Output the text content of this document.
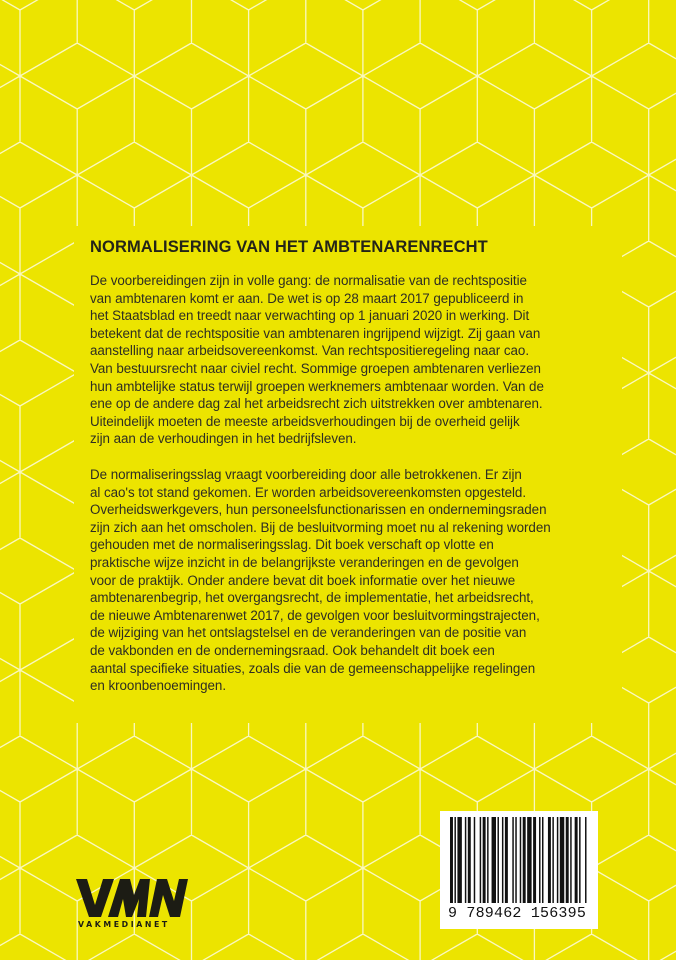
NORMALISERING VAN HET AMBTENARENRECHT

De voorbereidingen zijn in volle gang: de normalisatie van de rechtspositie
van ambtenaren komt er aan. De wet is op 28 maart 2017 gepubliceerd in
het Staatsblad en treedt naar verwachting op 1 januari 2020 in werking. Dit
betekent dat de rechtspositie van ambtenaren ingrijpend wijzigt. Zij gaan van
aanstelling naar arbeidsovereenkomst. Van rechtspositieregeling naar cao.
Van bestuursrecht naar civiel recht. Sommige groepen ambtenaren verliezen
hun ambtelijke status terwijl groepen werknemers ambtenaar worden. Van de
ene op de andere dag zal het arbeidsrecht zich uitstrekken over ambtenaren.
Uiteindelijk moeten de meeste arbeidsverhoudingen bij de overheid gelijk
zijn aan de verhoudingen in het bedrijfsleven.

De normaliseringsslag vraagt voorbereiding door alle betrokkenen. Er zijn
al cao's tot stand gekomen. Er worden arbeidsovereenkomsten opgesteld.
Overheidswerkgevers, hun personeelsfunctionarissen en ondernemingsraden
zijn zich aan het omscholen. Bij de besluitvorming moet nu al rekening worden
gehouden met de normaliseringsslag. Dit boek verschaft op vlotte en
praktische wijze inzicht in de belangrijkste veranderingen en de gevolgen
voor de praktijk. Onder andere bevat dit boek informatie over het nieuwe
ambtenarenbegrip, het overgangsrecht, de implementatie, het arbeidsrecht,
de nieuwe Ambtenarenwet 2017, de gevolgen voor besluitvormingstrajecten,
de wijziging van het ontslagstelsel en de veranderingen van de positie van
de vakbonden en de ondernemingsraad. Ook behandelt dit boek een
aantal specifieke situaties, zoals die van de gemeenschappelijke regelingen
en kroonbenoemingen.

9 789462 156395
VAKMEDIANET
